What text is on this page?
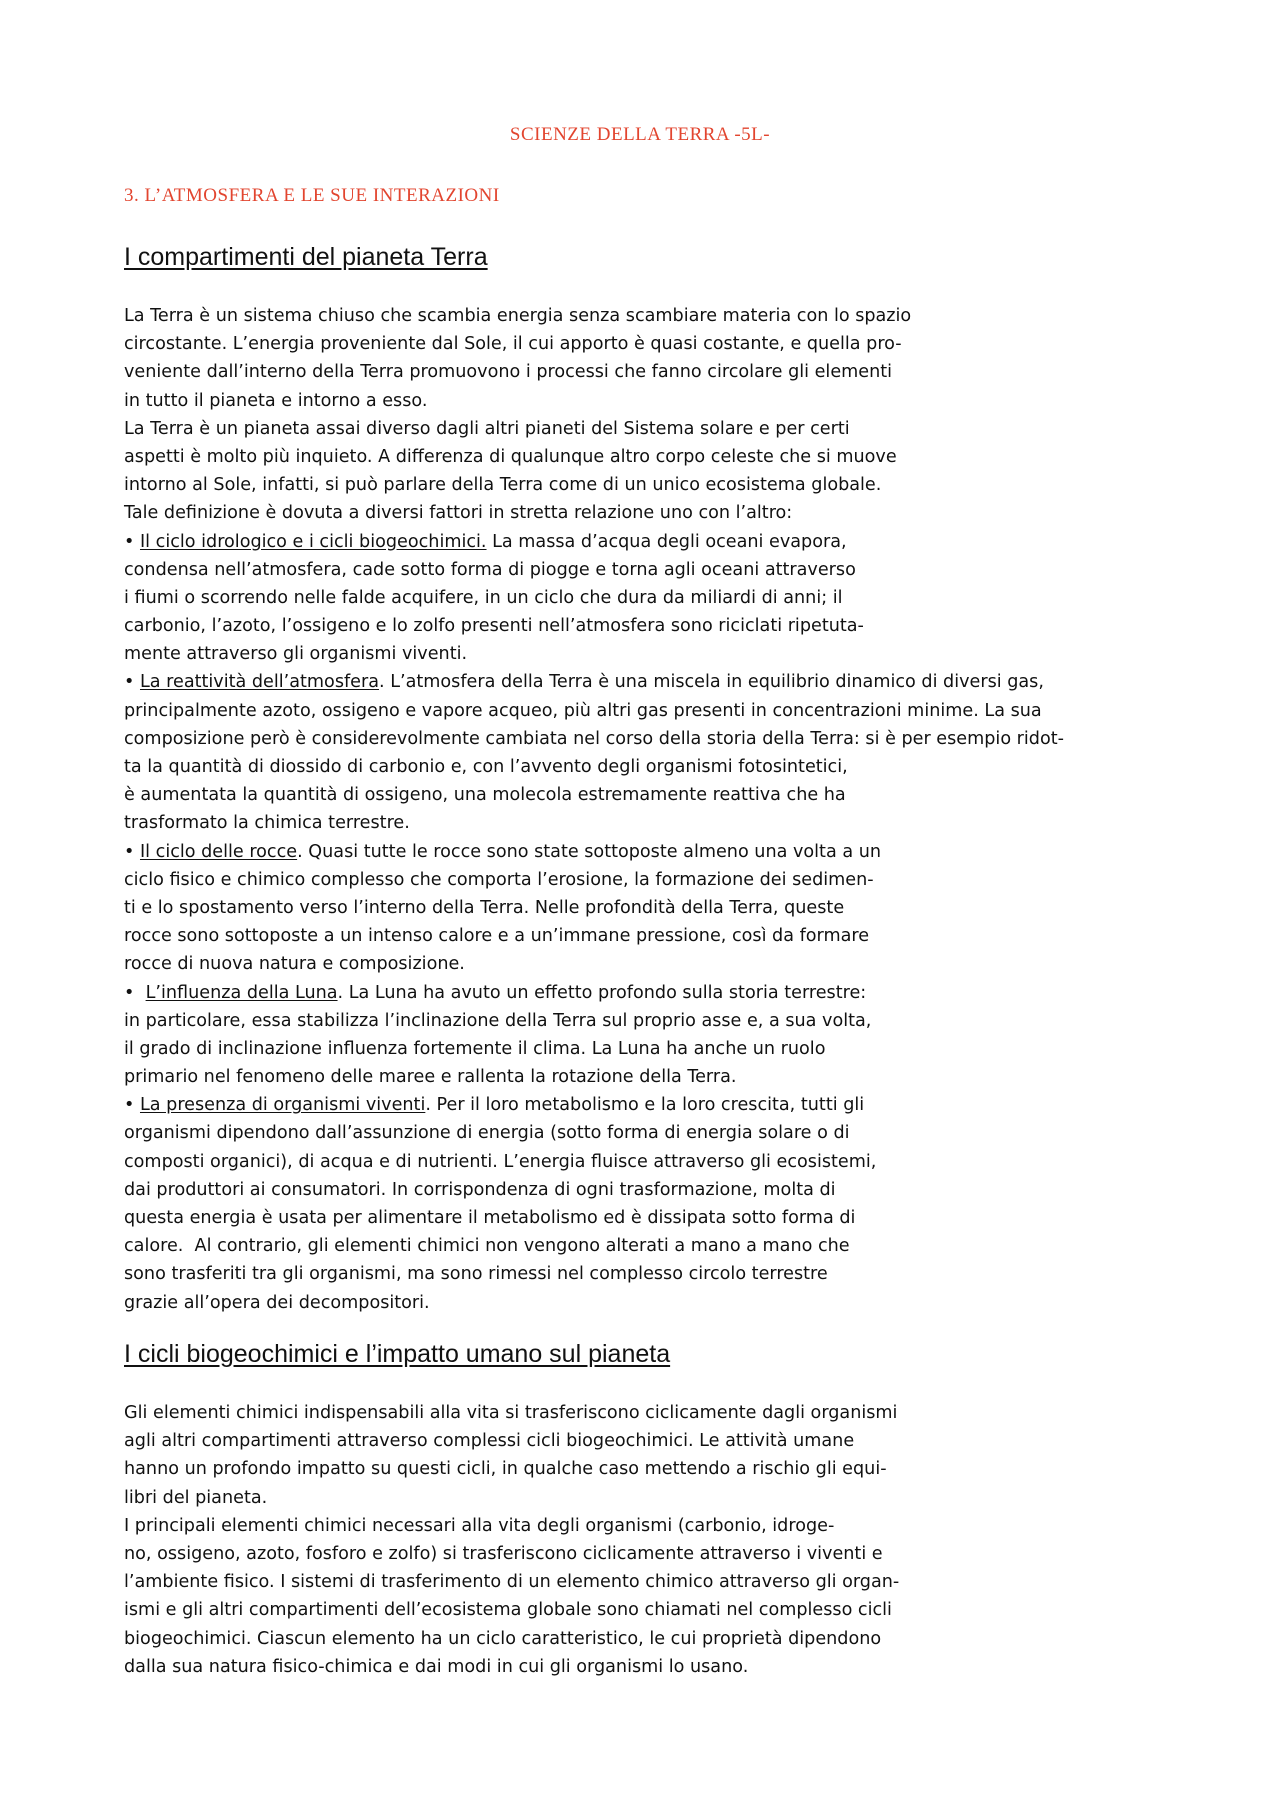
SCIENZE DELLA TERRA -5L-
3. L’ATMOSFERA E LE SUE INTERAZIONI
I compartimenti del pianeta Terra
La Terra è un sistema chiuso che scambia energia senza scambiare materia con lo spazio
circostante. L’energia proveniente dal Sole, il cui apporto è quasi costante, e quella pro-
veniente dall’interno della Terra promuovono i processi che fanno circolare gli elementi
in tutto il pianeta e intorno a esso.
La Terra è un pianeta assai diverso dagli altri pianeti del Sistema solare e per certi
aspetti è molto più inquieto. A differenza di qualunque altro corpo celeste che si muove
intorno al Sole, infatti, si può parlare della Terra come di un unico ecosistema globale.
Tale definizione è dovuta a diversi fattori in stretta relazione uno con l’altro:
• Il ciclo idrologico e i cicli biogeochimici. La massa d’acqua degli oceani evapora,
condensa nell’atmosfera, cade sotto forma di piogge e torna agli oceani attraverso
i fiumi o scorrendo nelle falde acquifere, in un ciclo che dura da miliardi di anni; il
carbonio, l’azoto, l’ossigeno e lo zolfo presenti nell’atmosfera sono riciclati ripetuta-
mente attraverso gli organismi viventi.
• La reattività dell’atmosfera. L’atmosfera della Terra è una miscela in equilibrio dinamico di diversi gas,
principalmente azoto, ossigeno e vapore acqueo, più altri gas presenti in concentrazioni minime. La sua
composizione però è considerevolmente cambiata nel corso della storia della Terra: si è per esempio ridot-
ta la quantità di diossido di carbonio e, con l’avvento degli organismi fotosintetici,
è aumentata la quantità di ossigeno, una molecola estremamente reattiva che ha
trasformato la chimica terrestre.
• Il ciclo delle rocce. Quasi tutte le rocce sono state sottoposte almeno una volta a un
ciclo fisico e chimico complesso che comporta l’erosione, la formazione dei sedimen-
ti e lo spostamento verso l’interno della Terra. Nelle profondità della Terra, queste
rocce sono sottoposte a un intenso calore e a un’immane pressione, così da formare
rocce di nuova natura e composizione.
•  L’influenza della Luna. La Luna ha avuto un effetto profondo sulla storia terrestre:
in particolare, essa stabilizza l’inclinazione della Terra sul proprio asse e, a sua volta,
il grado di inclinazione influenza fortemente il clima. La Luna ha anche un ruolo
primario nel fenomeno delle maree e rallenta la rotazione della Terra.
• La presenza di organismi viventi. Per il loro metabolismo e la loro crescita, tutti gli
organismi dipendono dall’assunzione di energia (sotto forma di energia solare o di
composti organici), di acqua e di nutrienti. L’energia fluisce attraverso gli ecosistemi,
dai produttori ai consumatori. In corrispondenza di ogni trasformazione, molta di
questa energia è usata per alimentare il metabolismo ed è dissipata sotto forma di
calore.  Al contrario, gli elementi chimici non vengono alterati a mano a mano che
sono trasferiti tra gli organismi, ma sono rimessi nel complesso circolo terrestre
grazie all’opera dei decompositori.
I cicli biogeochimici e l’impatto umano sul pianeta
Gli elementi chimici indispensabili alla vita si trasferiscono ciclicamente dagli organismi
agli altri compartimenti attraverso complessi cicli biogeochimici. Le attività umane
hanno un profondo impatto su questi cicli, in qualche caso mettendo a rischio gli equi-
libri del pianeta.
I principali elementi chimici necessari alla vita degli organismi (carbonio, idroge-
no, ossigeno, azoto, fosforo e zolfo) si trasferiscono ciclicamente attraverso i viventi e
l’ambiente fisico. I sistemi di trasferimento di un elemento chimico attraverso gli organ-
ismi e gli altri compartimenti dell’ecosistema globale sono chiamati nel complesso cicli
biogeochimici. Ciascun elemento ha un ciclo caratteristico, le cui proprietà dipendono
dalla sua natura fisico-chimica e dai modi in cui gli organismi lo usano.
